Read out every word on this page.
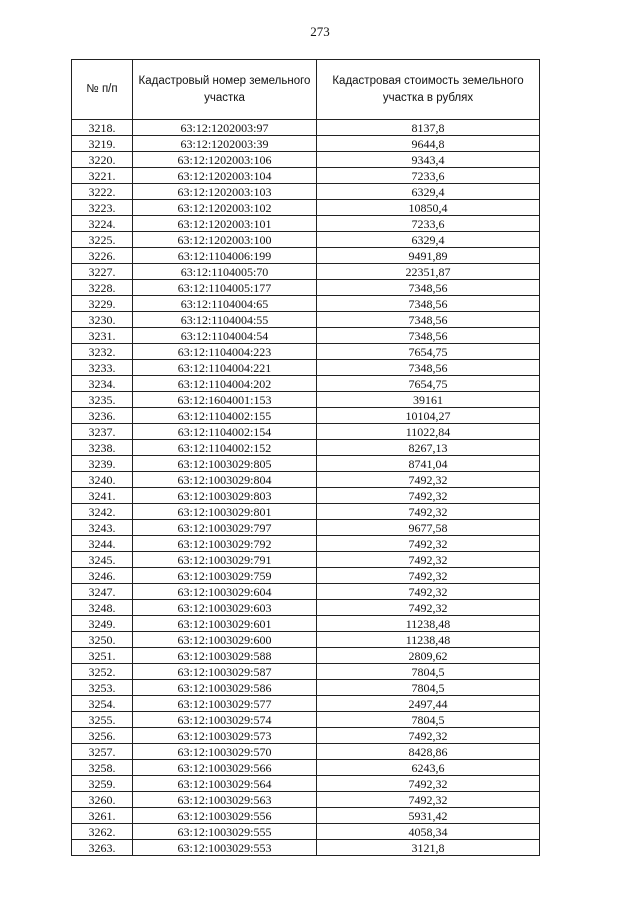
273
№ п/п	Кадастровый номер земельного участка	Кадастровая стоимость земельного участка в рублях
3218.	63:12:1202003:97	8137,8
3219.	63:12:1202003:39	9644,8
3220.	63:12:1202003:106	9343,4
3221.	63:12:1202003:104	7233,6
3222.	63:12:1202003:103	6329,4
3223.	63:12:1202003:102	10850,4
3224.	63:12:1202003:101	7233,6
3225.	63:12:1202003:100	6329,4
3226.	63:12:1104006:199	9491,89
3227.	63:12:1104005:70	22351,87
3228.	63:12:1104005:177	7348,56
3229.	63:12:1104004:65	7348,56
3230.	63:12:1104004:55	7348,56
3231.	63:12:1104004:54	7348,56
3232.	63:12:1104004:223	7654,75
3233.	63:12:1104004:221	7348,56
3234.	63:12:1104004:202	7654,75
3235.	63:12:1604001:153	39161
3236.	63:12:1104002:155	10104,27
3237.	63:12:1104002:154	11022,84
3238.	63:12:1104002:152	8267,13
3239.	63:12:1003029:805	8741,04
3240.	63:12:1003029:804	7492,32
3241.	63:12:1003029:803	7492,32
3242.	63:12:1003029:801	7492,32
3243.	63:12:1003029:797	9677,58
3244.	63:12:1003029:792	7492,32
3245.	63:12:1003029:791	7492,32
3246.	63:12:1003029:759	7492,32
3247.	63:12:1003029:604	7492,32
3248.	63:12:1003029:603	7492,32
3249.	63:12:1003029:601	11238,48
3250.	63:12:1003029:600	11238,48
3251.	63:12:1003029:588	2809,62
3252.	63:12:1003029:587	7804,5
3253.	63:12:1003029:586	7804,5
3254.	63:12:1003029:577	2497,44
3255.	63:12:1003029:574	7804,5
3256.	63:12:1003029:573	7492,32
3257.	63:12:1003029:570	8428,86
3258.	63:12:1003029:566	6243,6
3259.	63:12:1003029:564	7492,32
3260.	63:12:1003029:563	7492,32
3261.	63:12:1003029:556	5931,42
3262.	63:12:1003029:555	4058,34
3263.	63:12:1003029:553	3121,8
